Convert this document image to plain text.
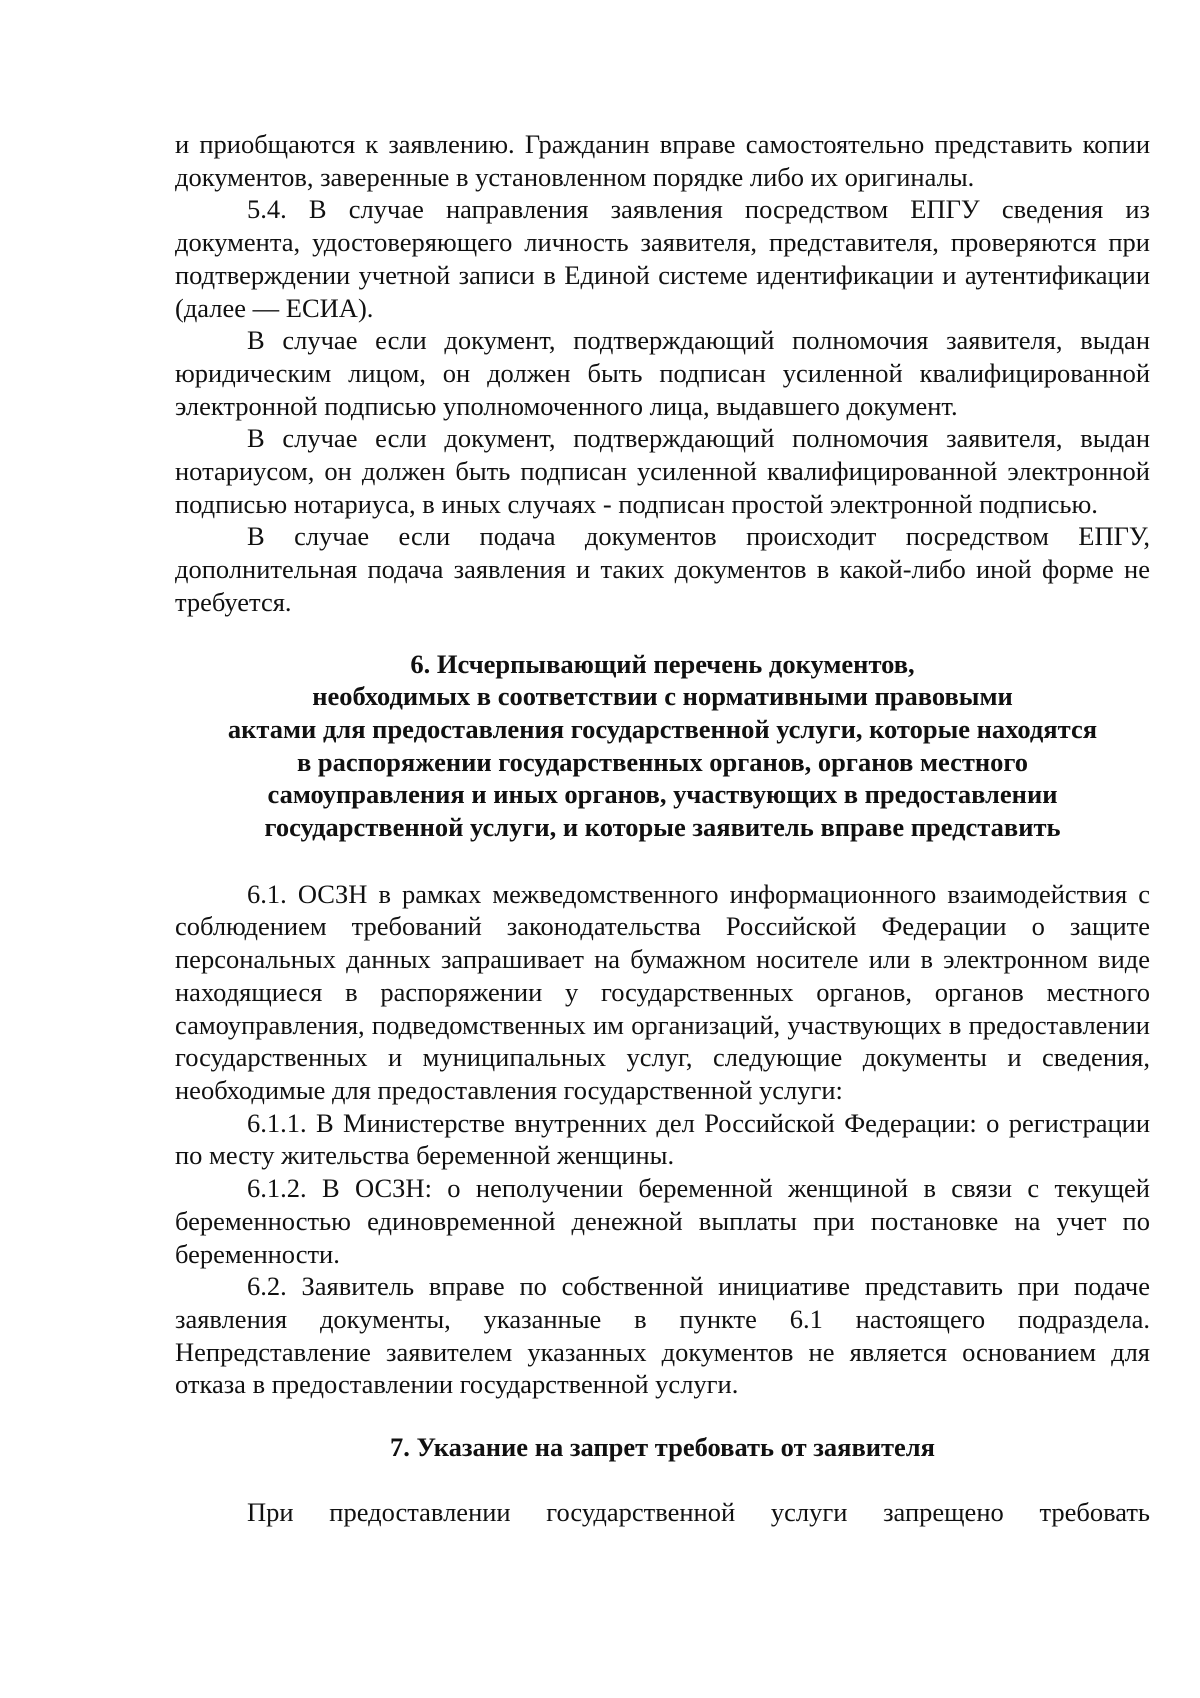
и приобщаются к заявлению. Гражданин вправе самостоятельно представить копии документов, заверенные в установленном порядке либо их оригиналы.

5.4. В случае направления заявления посредством ЕПГУ сведения из документа, удостоверяющего личность заявителя, представителя, проверяются при подтверждении учетной записи в Единой системе идентификации и аутентификации (далее — ЕСИА).

В случае если документ, подтверждающий полномочия заявителя, выдан юридическим лицом, он должен быть подписан усиленной квалифицированной электронной подписью уполномоченного лица, выдавшего документ.

В случае если документ, подтверждающий полномочия заявителя, выдан нотариусом, он должен быть подписан усиленной квалифицированной электронной подписью нотариуса, в иных случаях - подписан простой электронной подписью.

В случае если подача документов происходит посредством ЕПГУ, дополнительная подача заявления и таких документов в какой-либо иной форме не требуется.

6. Исчерпывающий перечень документов,

необходимых в соответствии с нормативными правовыми

актами для предоставления государственной услуги, которые находятся

в распоряжении государственных органов, органов местного

самоуправления и иных органов, участвующих в предоставлении

государственной услуги, и которые заявитель вправе представить

6.1. ОСЗН в рамках межведомственного информационного взаимодействия с соблюдением требований законодательства Российской Федерации о защите персональных данных запрашивает на бумажном носителе или в электронном виде находящиеся в распоряжении у государственных органов, органов местного самоуправления, подведомственных им организаций, участвующих в предоставлении государственных и муниципальных услуг, следующие документы и сведения, необходимые для предоставления государственной услуги:

6.1.1. В Министерстве внутренних дел Российской Федерации: о регистрации по месту жительства беременной женщины.

6.1.2. В ОСЗН: о неполучении беременной женщиной в связи с текущей беременностью единовременной денежной выплаты при постановке на учет по беременности.

6.2. Заявитель вправе по собственной инициативе представить при подаче заявления документы, указанные в пункте 6.1 настоящего подраздела. Непредставление заявителем указанных документов не является основанием для отказа в предоставлении государственной услуги.

7. Указание на запрет требовать от заявителя

При предоставлении государственной услуги запрещено требовать
